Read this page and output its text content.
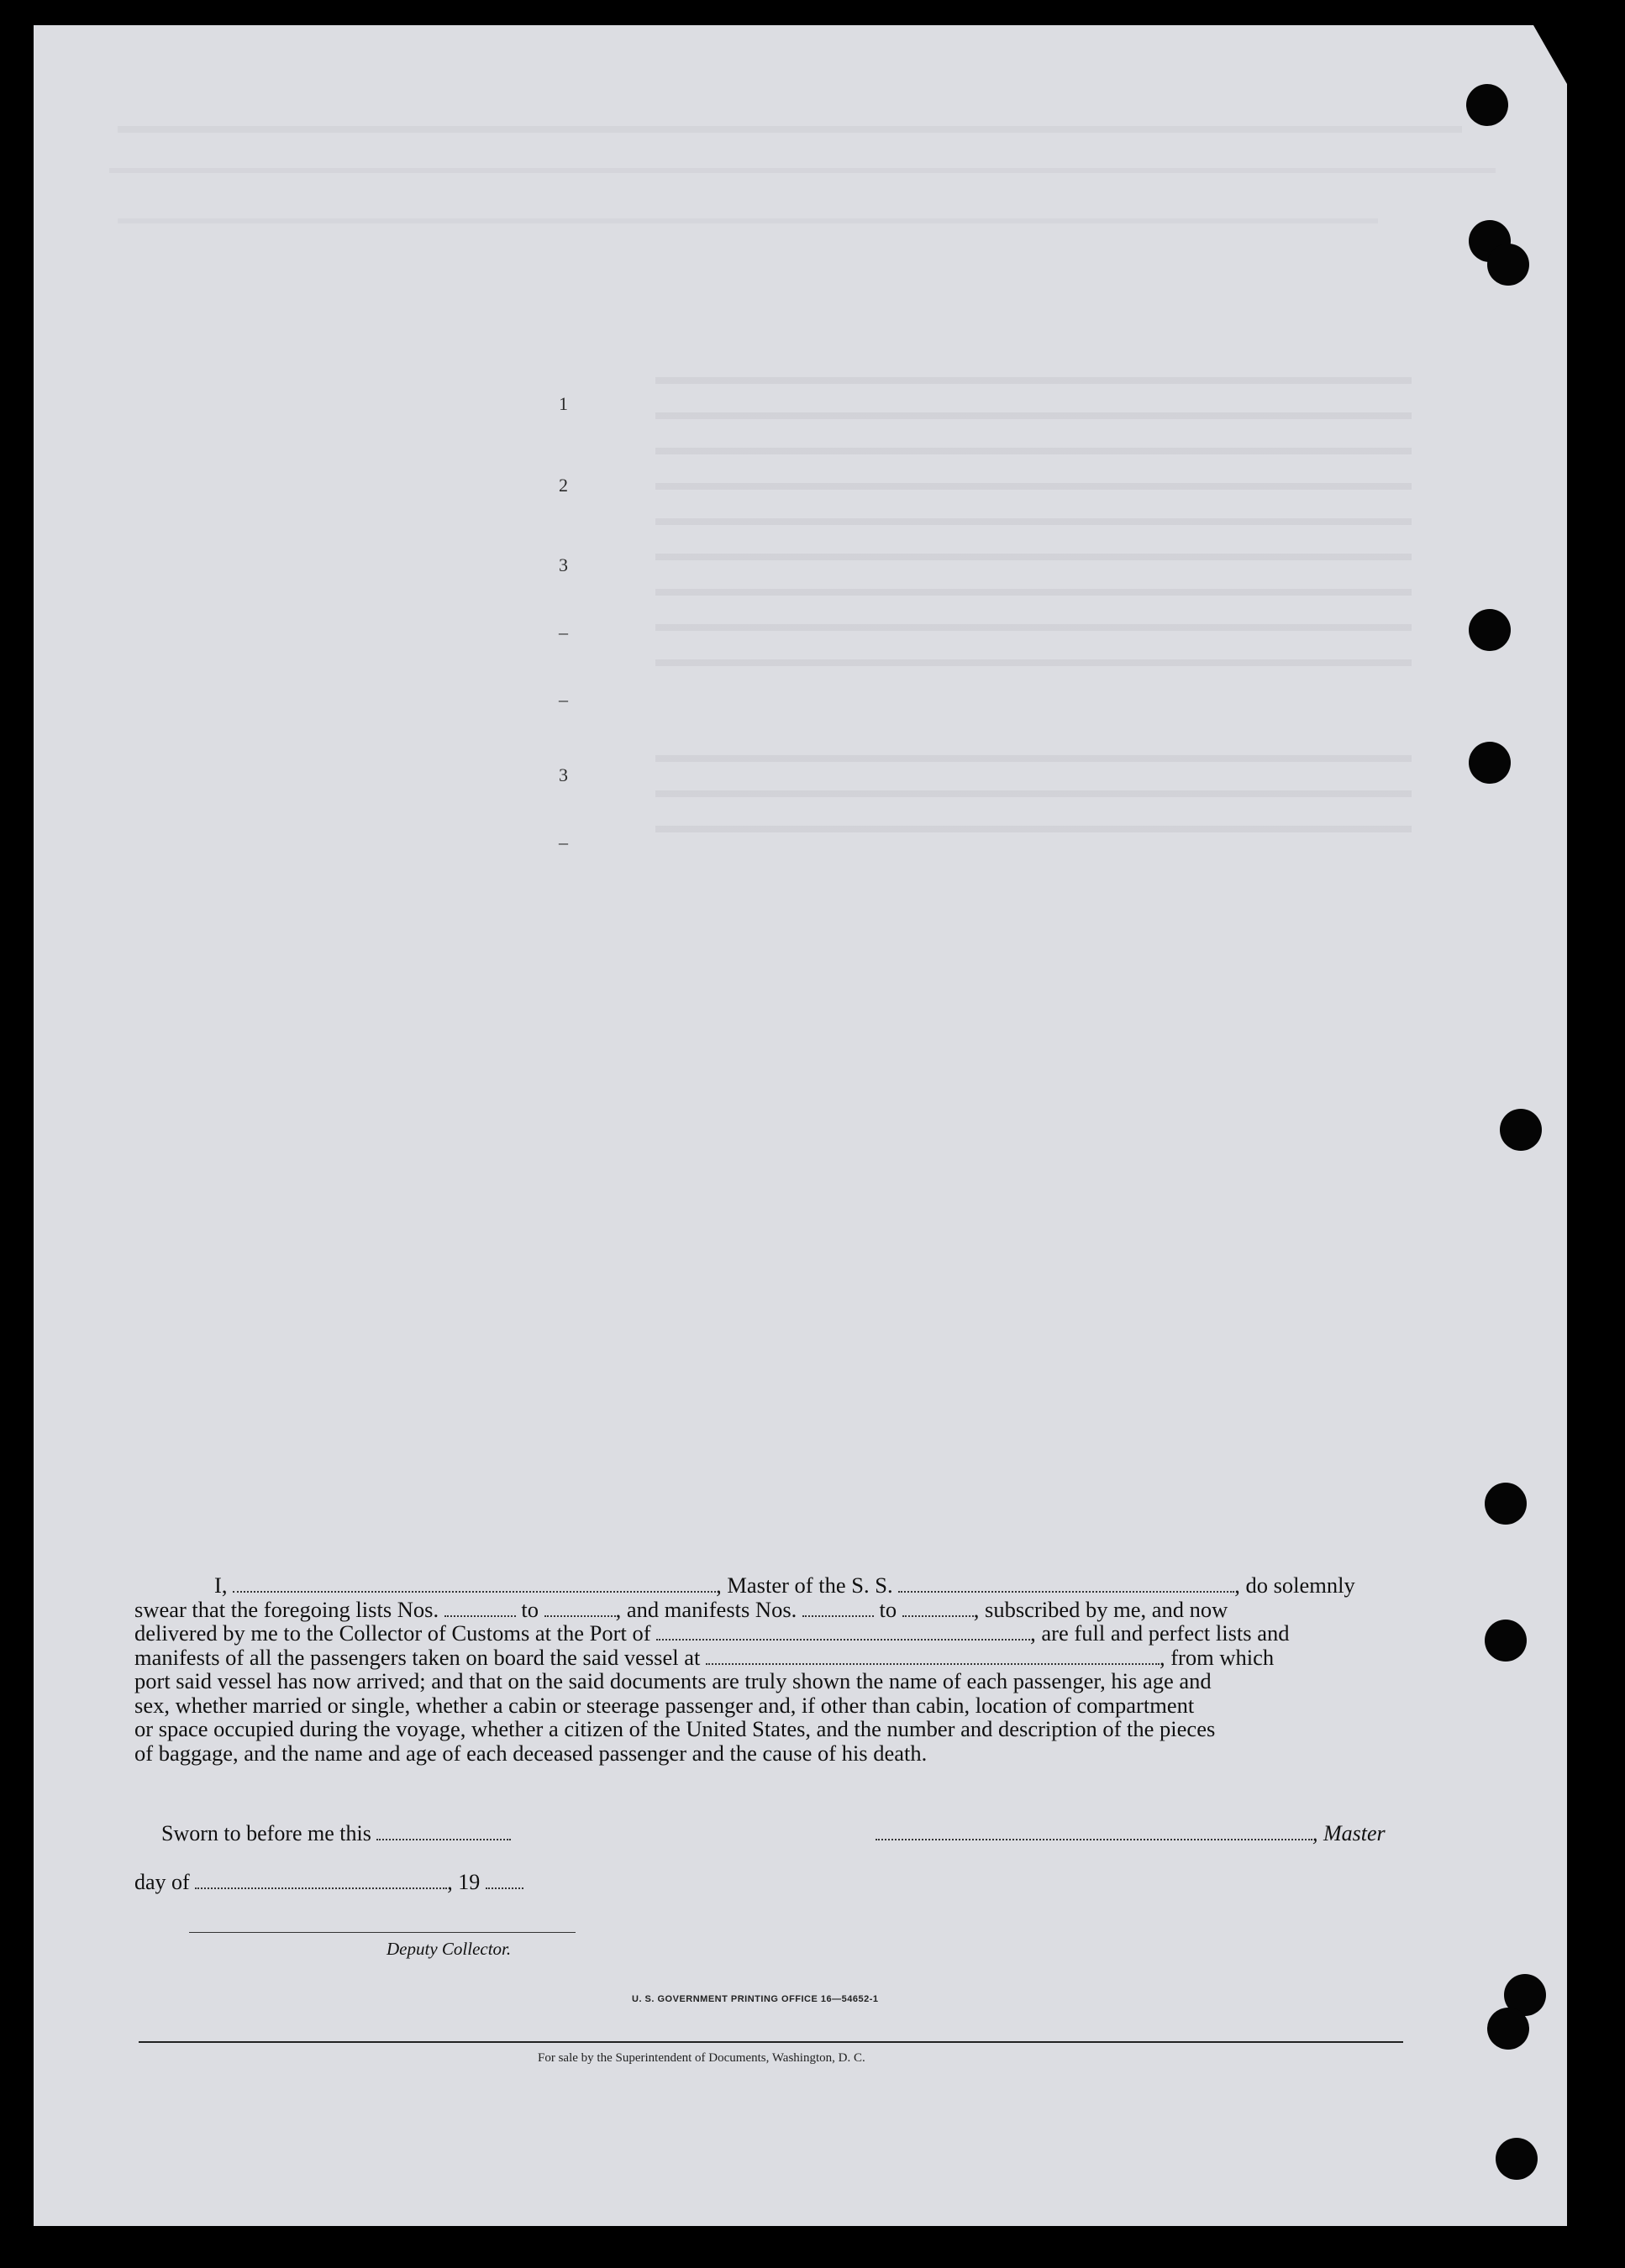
1
2
3
–
–
3
–
I,	, Master of the S. S.	, do solemnly
swear that the foregoing lists Nos.	to	, and manifests Nos.	to	, subscribed by me, and now
delivered by me to the Collector of Customs at the Port of	, are full and perfect lists and
manifests of all the passengers taken on board the said vessel at	, from which
port said vessel has now arrived; and that on the said documents are truly shown the name of each passenger, his age and
sex, whether married or single, whether a cabin or steerage passenger and, if other than cabin, location of compartment
or space occupied during the voyage, whether a citizen of the United States, and the number and description of the pieces
of baggage, and the name and age of each deceased passenger and the cause of his death.
Sworn to before me this	, Master
day of	, 19
Deputy Collector.
U. S. GOVERNMENT PRINTING OFFICE 16—54652-1
For sale by the Superintendent of Documents, Washington, D. C.
